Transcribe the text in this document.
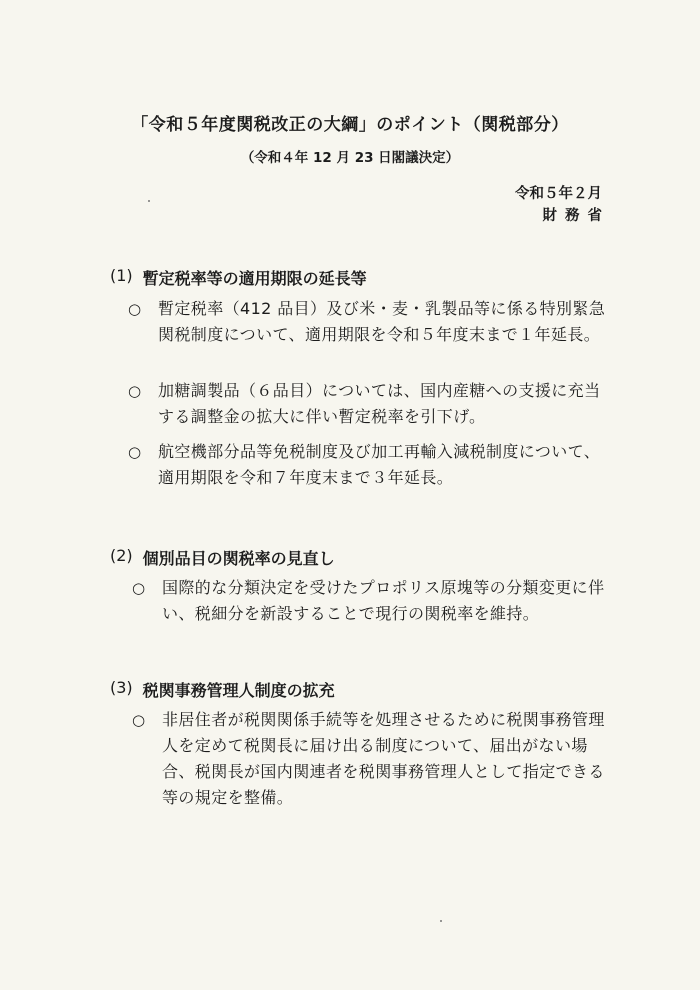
「令和５年度関税改正の大綱」のポイント（関税部分）
（令和４年 12 月 23 日閣議決定）
令和５年２月
財務省
(1) 暫定税率等の適用期限の延長等
○	暫定税率（412 品目）及び米・麦・乳製品等に係る特別緊急関税制度について、適用期限を令和５年度末まで１年延長。
○	加糖調製品（６品目）については、国内産糖への支援に充当する調整金の拡大に伴い暫定税率を引下げ。
○	航空機部分品等免税制度及び加工再輸入減税制度について、適用期限を令和７年度末まで３年延長。
(2) 個別品目の関税率の見直し
○	国際的な分類決定を受けたプロポリス原塊等の分類変更に伴い、税細分を新設することで現行の関税率を維持。
(3) 税関事務管理人制度の拡充
○	非居住者が税関関係手続等を処理させるために税関事務管理人を定めて税関長に届け出る制度について、届出がない場合、税関長が国内関連者を税関事務管理人として指定できる等の規定を整備。
